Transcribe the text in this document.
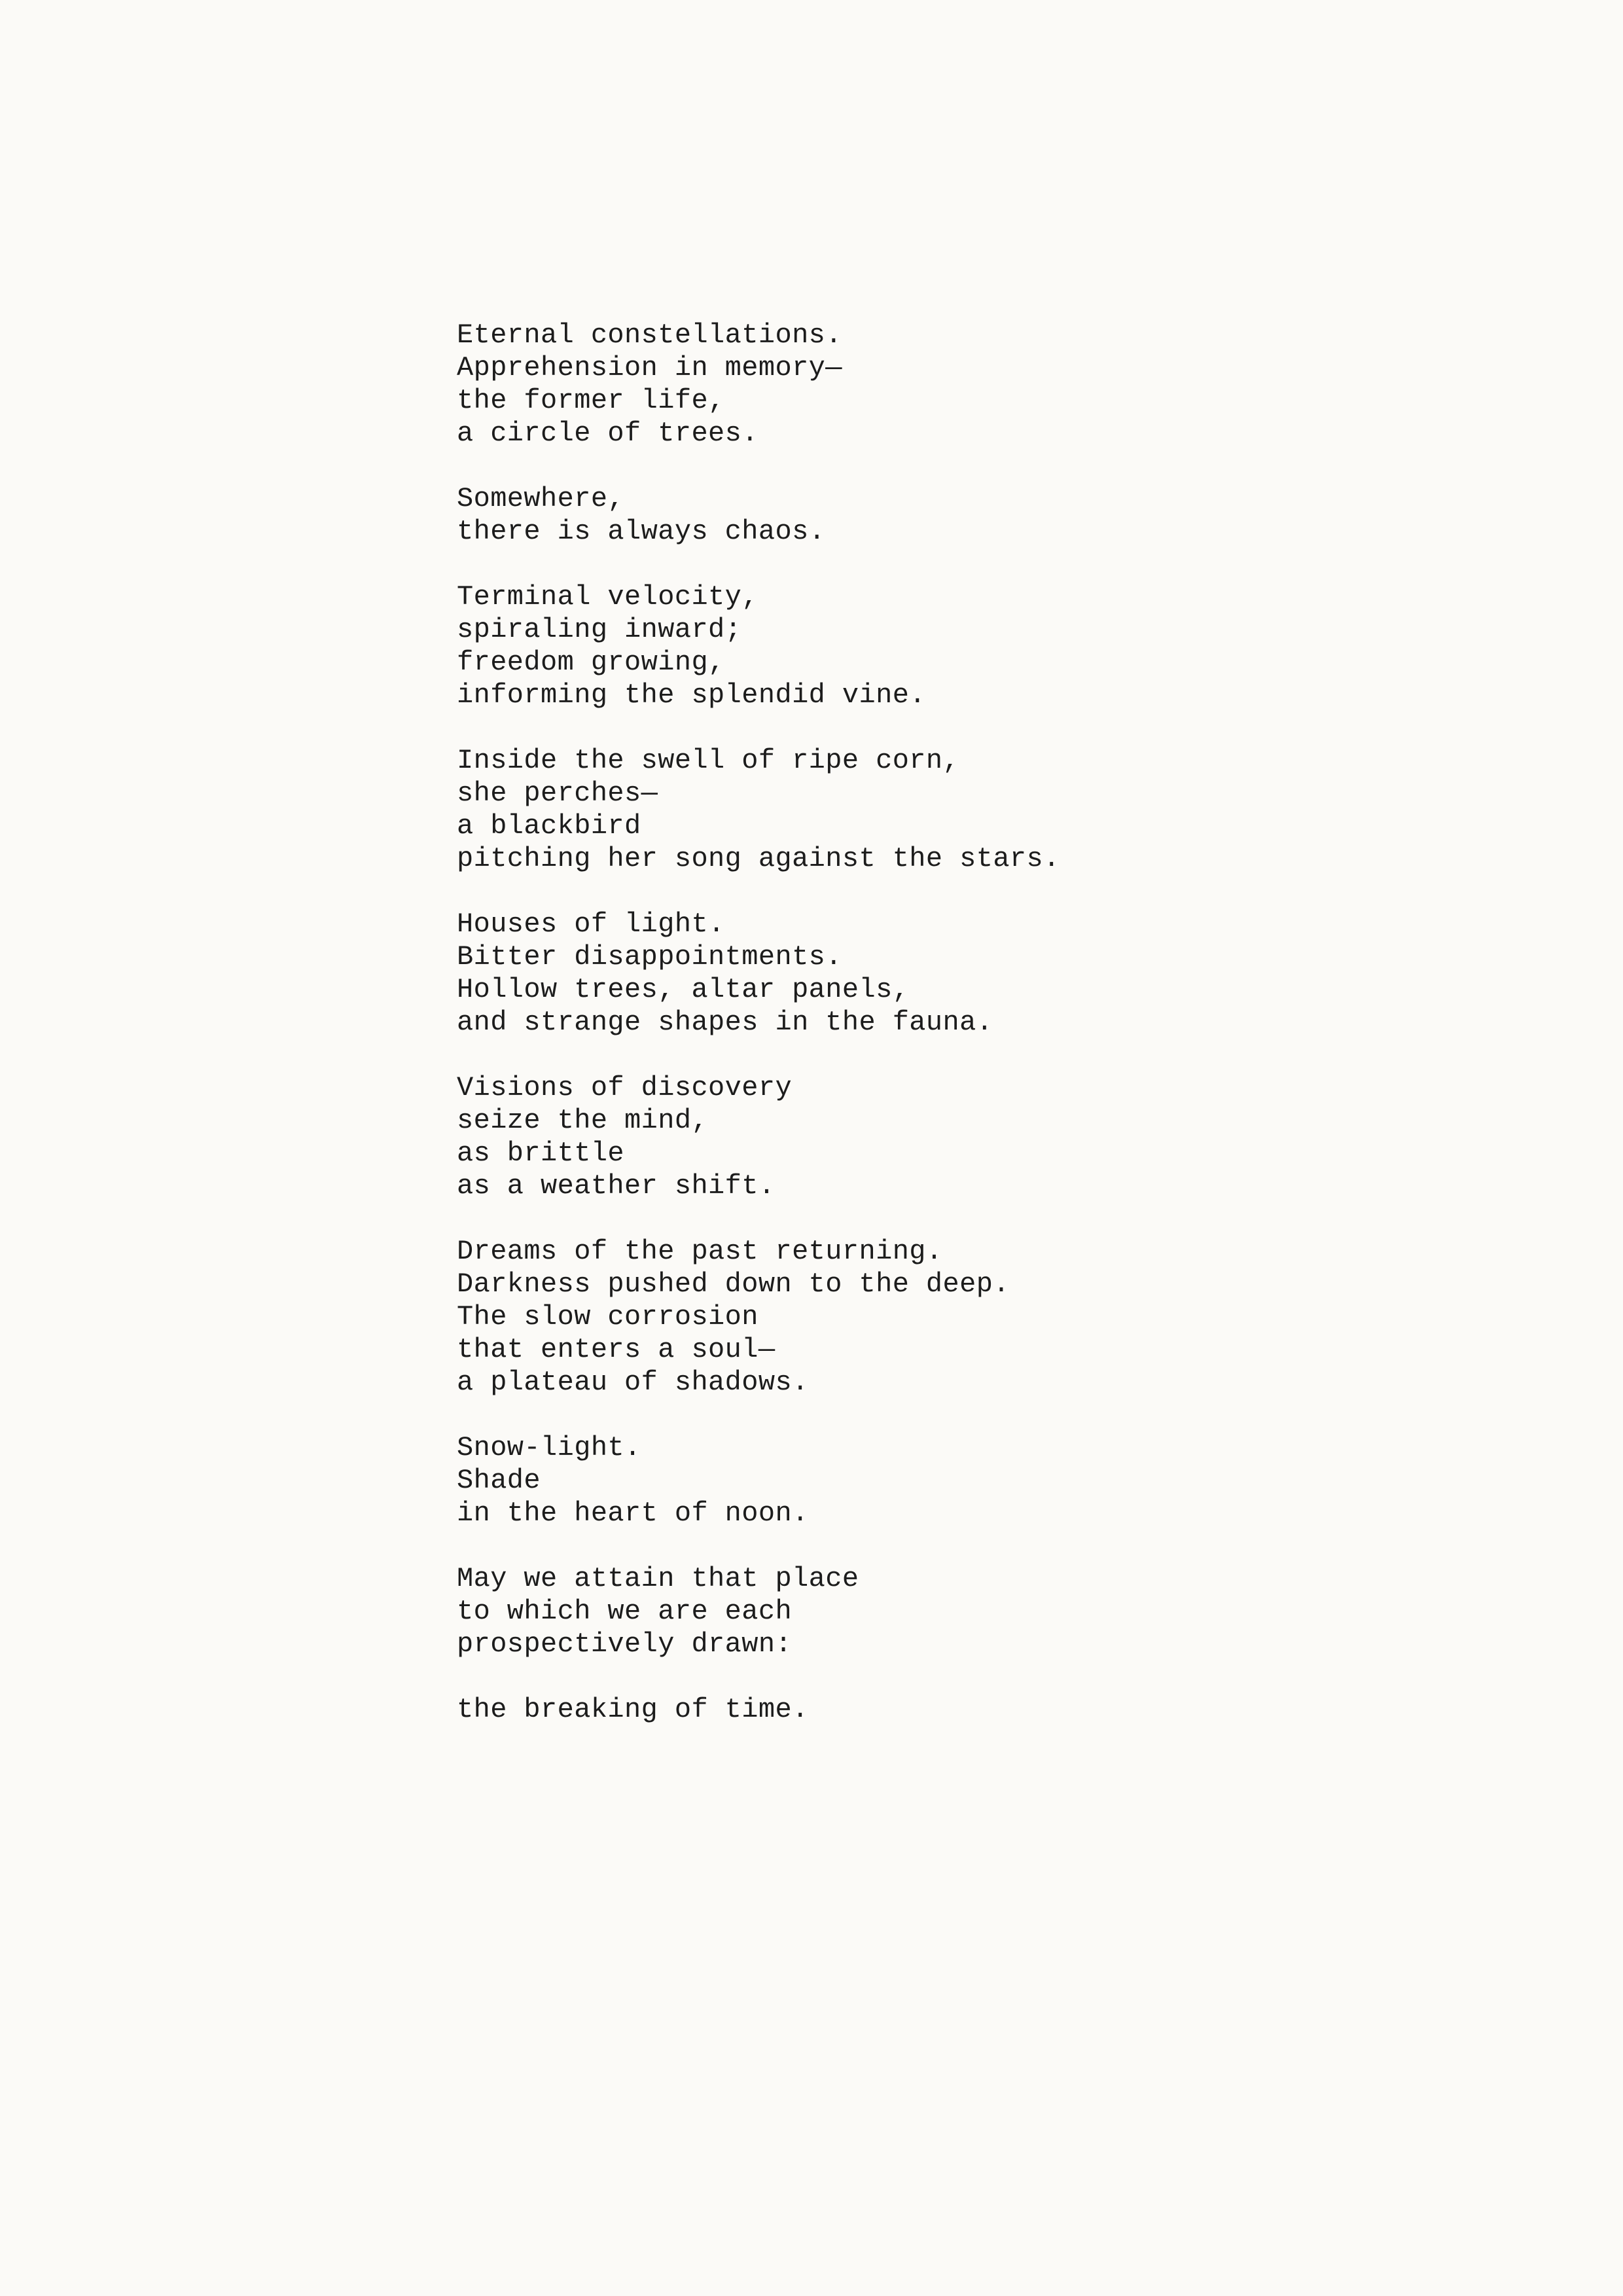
Eternal constellations.
Apprehension in memory—
the former life,
a circle of trees.
Somewhere,
there is always chaos.
Terminal velocity,
spiraling inward;
freedom growing,
informing the splendid vine.
Inside the swell of ripe corn,
she perches—
a blackbird
pitching her song against the stars.
Houses of light.
Bitter disappointments.
Hollow trees, altar panels,
and strange shapes in the fauna.
Visions of discovery
seize the mind,
as brittle
as a weather shift.
Dreams of the past returning.
Darkness pushed down to the deep.
The slow corrosion
that enters a soul—
a plateau of shadows.
Snow-light.
Shade
in the heart of noon.
May we attain that place
to which we are each
prospectively drawn:
the breaking of time.
